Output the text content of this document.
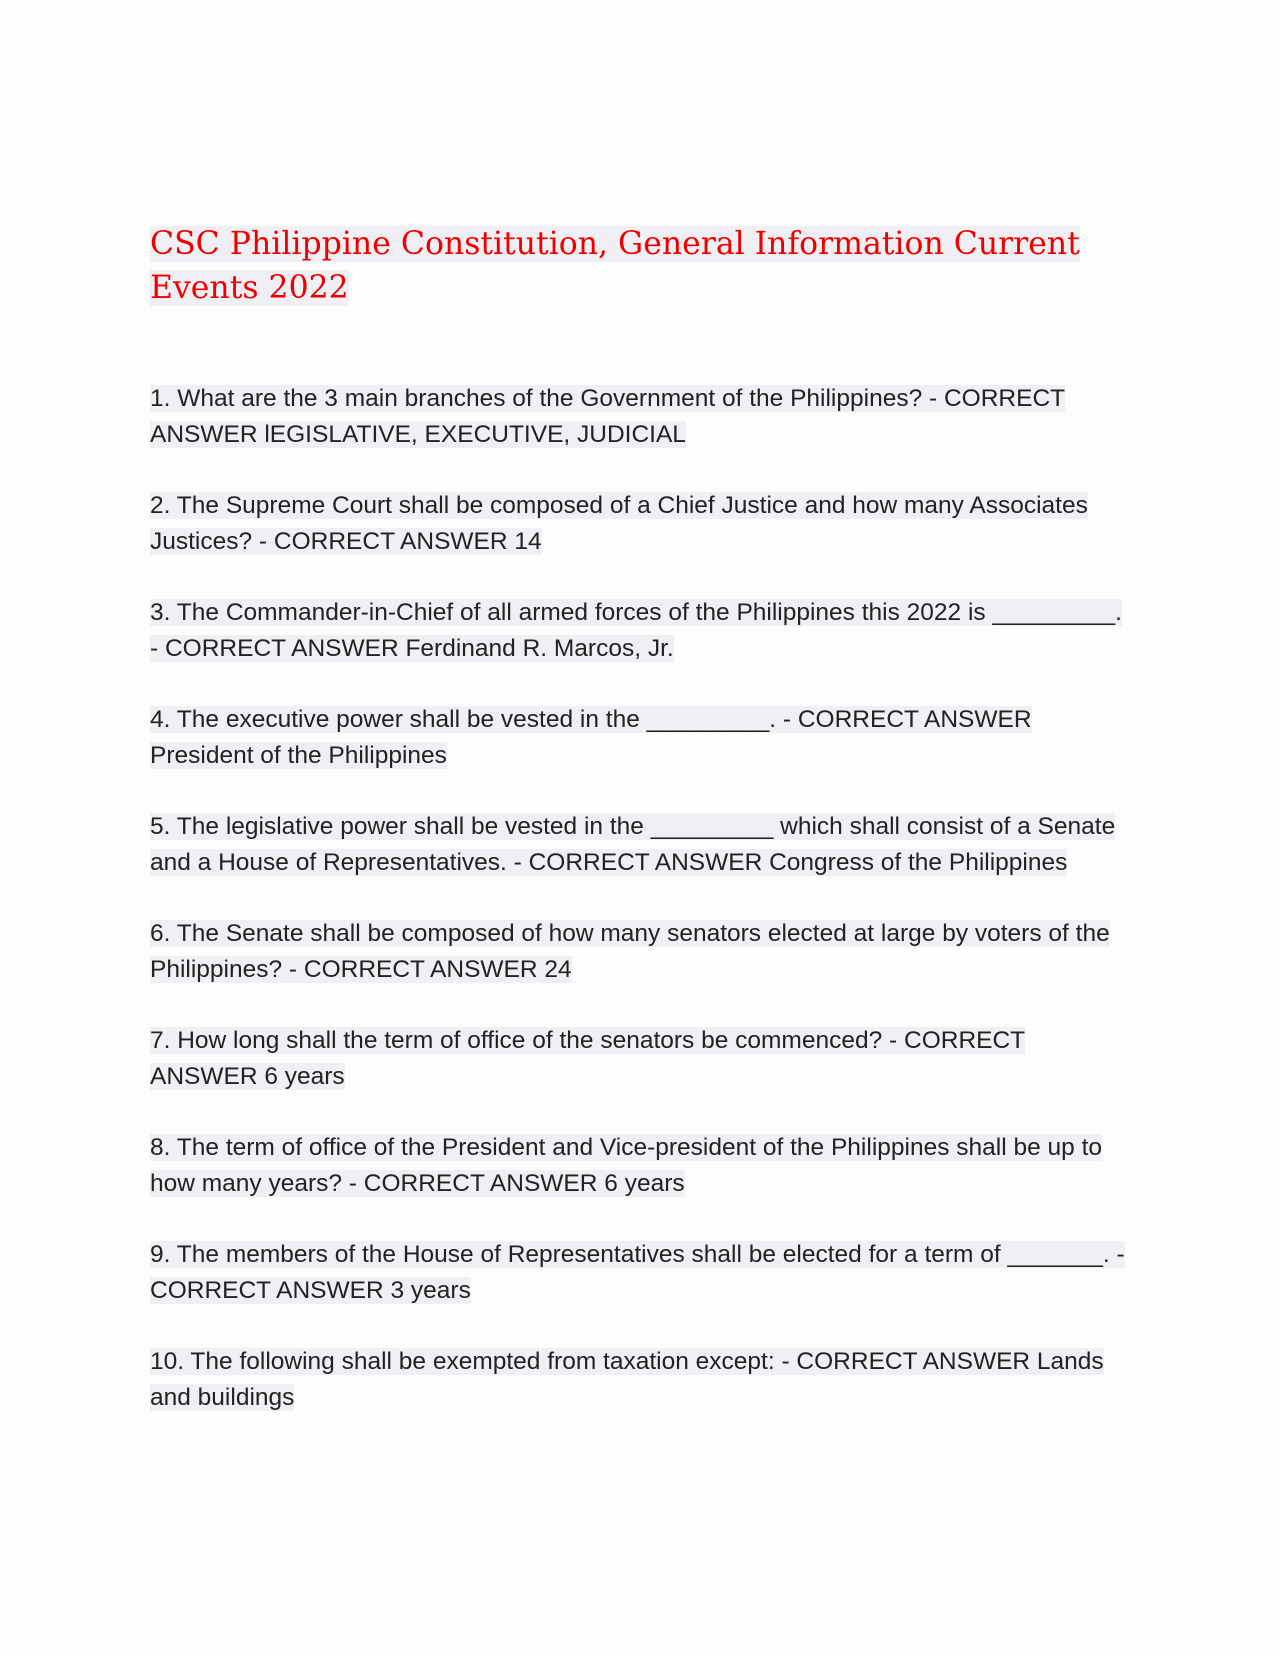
CSC Philippine Constitution, General Information Current Events 2022
1. What are the 3 main branches of the Government of the Philippines? - CORRECT ANSWER lEGISLATIVE, EXECUTIVE, JUDICIAL
2. The Supreme Court shall be composed of a Chief Justice and how many Associates Justices? - CORRECT ANSWER 14
3. The Commander-in-Chief of all armed forces of the Philippines this 2022 is _________. - CORRECT ANSWER Ferdinand R. Marcos, Jr.
4. The executive power shall be vested in the _________. - CORRECT ANSWER President of the Philippines
5. The legislative power shall be vested in the _________ which shall consist of a Senate and a House of Representatives. - CORRECT ANSWER Congress of the Philippines
6. The Senate shall be composed of how many senators elected at large by voters of the Philippines? - CORRECT ANSWER 24
7. How long shall the term of office of the senators be commenced? - CORRECT ANSWER 6 years
8. The term of office of the President and Vice-president of the Philippines shall be up to how many years? - CORRECT ANSWER 6 years
9. The members of the House of Representatives shall be elected for a term of _______. - CORRECT ANSWER 3 years
10. The following shall be exempted from taxation except: - CORRECT ANSWER Lands and buildings
